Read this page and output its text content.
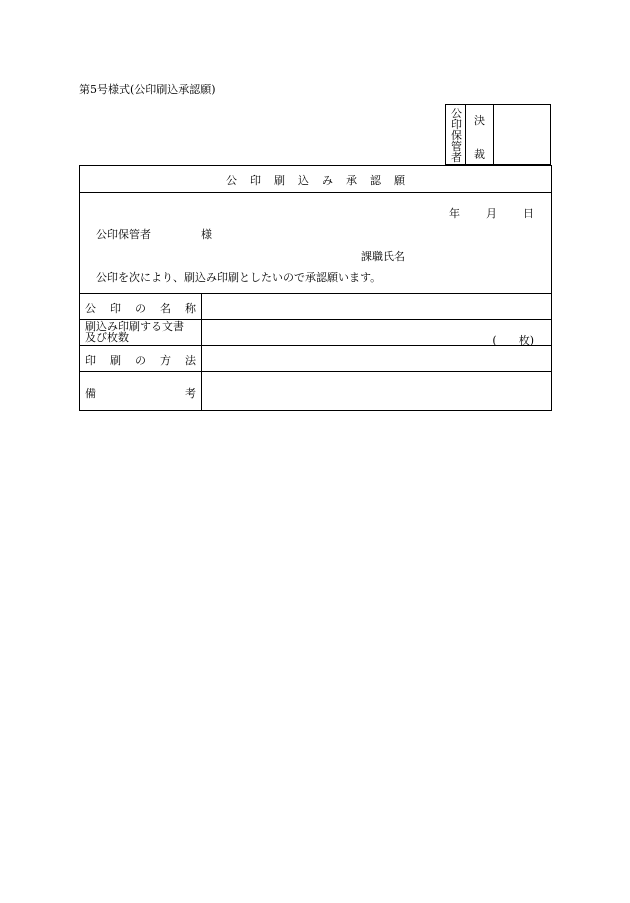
第5号様式(公印刷込承認願)
公印保管者
決
裁
公印刷込み承認願
年 月 日
公印保管者	様
課職氏名
公印を次により、刷込み印刷としたいので承認願います。
公 印 の 名 称
刷込み印刷する文書
及び枚数	( 枚)
印 刷 の 方 法
備	考
